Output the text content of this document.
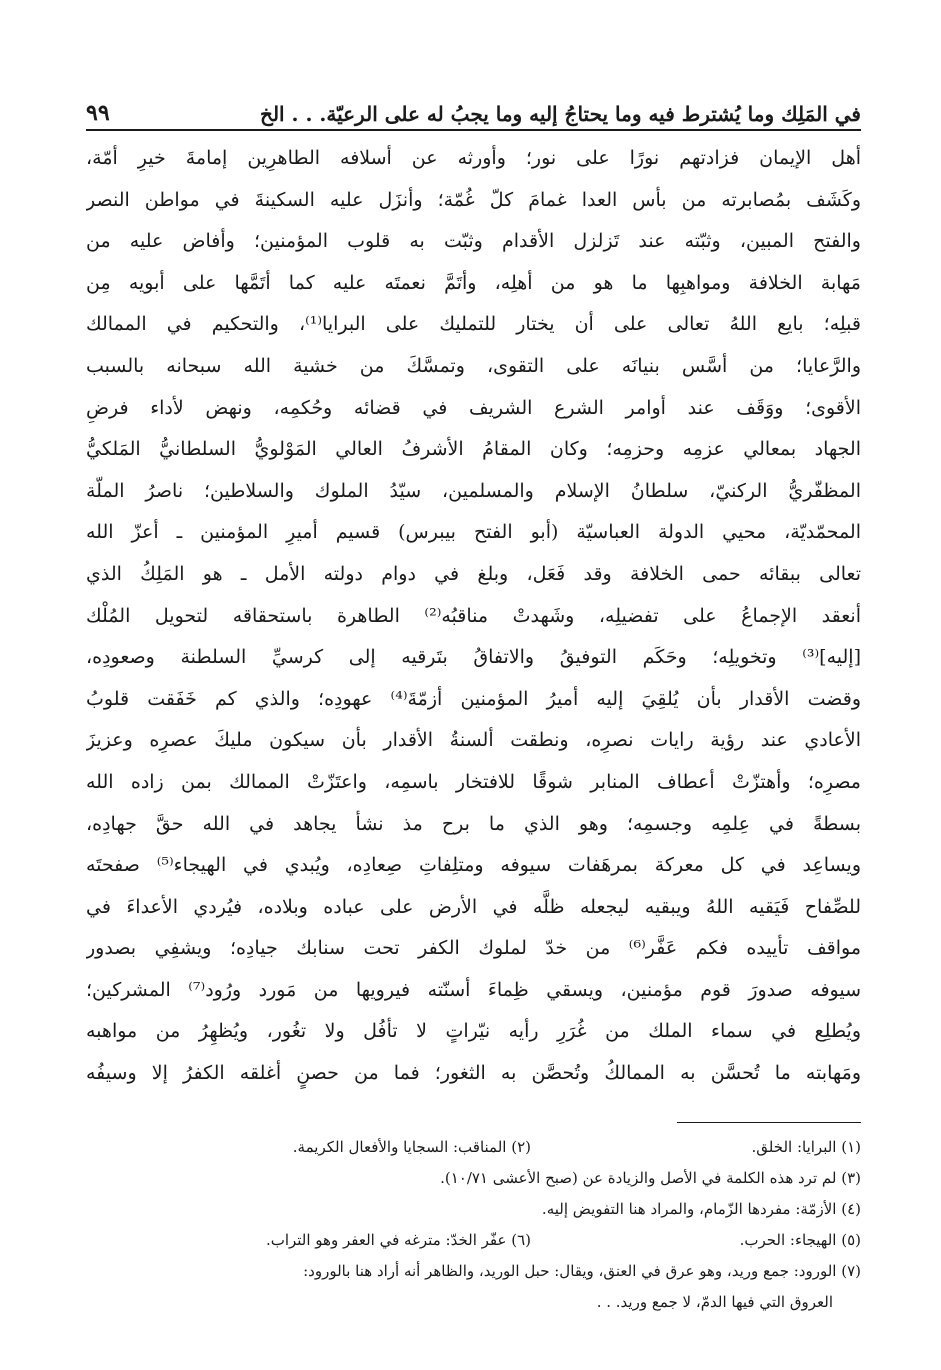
٩٩	في المَلِك وما يُشترط فيه وما يحتاجُ إليه وما يجبُ له على الرعيّة. . . الخ
أهل الإيمان فزادتهم نورًا على نور؛ وأورثه عن أسلافه الطاهرِين إمامةَ خيرِ أمّة،
وكَشَف بمُصابرته من بأس العدا غمامَ كلّ غُمّة؛ وأنزَل عليه السكينةَ في مواطن النصر
والفتح المبين، وثبّته عند تَزلزل الأقدام وثبّت به قلوب المؤمنين؛ وأفاض عليه من
مَهابة الخلافة ومواهبِها ما هو من أهلِه، وأتَمَّ نعمتَه عليه كما أتَمَّها على أبويه مِن
قبلِه؛ بايع اللهُ تعالى على أن يختار للتمليك على البرايا⁽¹⁾، والتحكيم في الممالك
والرَّعايا؛ من أسَّس بنيانَه على التقوى، وتمسَّكَ من خشية الله سبحانه بالسبب
الأقوى؛ ووَقَف عند أوامر الشرع الشريف في قضائه وحُكمِه، ونهض لأداء فرضِ
الجهاد بمعالي عزمِه وحزمِه؛ وكان المقامُ الأشرفُ العالي المَوْلويُّ السلطانيُّ المَلكيُّ
المظفّريُّ الركنيّ، سلطانُ الإسلام والمسلمين، سيّدُ الملوك والسلاطين؛ ناصرُ الملّة
المحمّديّة، محيي الدولة العباسيّة (أبو الفتح بيبرس) قسيم أميرِ المؤمنين ـ أعزّ الله
تعالى ببقائه حمى الخلافة وقد فَعَل، وبلغ في دوام دولته الأمل ـ هو المَلِكُ الذي
أنعقد الإجماعُ على تفضيلِه، وشَهدتْ مناقبُه⁽²⁾ الطاهرة باستحقاقه لتحويل المُلْك
[إليه]⁽³⁾ وتخويلِه؛ وحَكَم التوفيقُ والاتفاقُ بتَرقيه إلى كرسيِّ السلطنة وصعودِه،
وقضت الأقدار بأن يُلقِيَ إليه أميرُ المؤمنين أزمّةَ⁽⁴⁾ عهودِه؛ والذي كم خَفَقت قلوبُ
الأعادي عند رؤية رايات نصرِه، ونطقت ألسنةُ الأقدار بأن سيكون مليكَ عصرِه وعزيزَ
مصرِه؛ وأهتزّتْ أعطاف المنابر شوقًا للافتخار باسمِه، واعتَزّتْ الممالك بمن زاده الله
بسطةً في عِلمِه وجسمِه؛ وهو الذي ما برح مذ نشأ يجاهد في الله حقَّ جهادِه،
ويساعِد في كل معركة بمرهَفات سيوفه ومتلِفاتِ صِعادِه، ويُبدي في الهيجاء⁽⁵⁾ صفحتَه
للصِّفاح فَيَقيه اللهُ ويبقيه ليجعله ظلَّه في الأرض على عباده وبلاده، فيُردي الأعداءَ في
مواقف تأييده فكم عَفَّر⁽⁶⁾ من خدّ لملوك الكفر تحت سنابك جيادِه؛ ويشفِي بصدور
سيوفه صدورَ قوم مؤمنين، ويسقي ظِماءَ أسنّته فيرويها من مَورد ورُود⁽⁷⁾ المشركين؛
ويُطلِع في سماء الملك من غُرَرِ رأيه نيّراتٍ لا تأفُل ولا تغُور، ويُظهِرُ من مواهبه
ومَهابته ما تُحسَّن به الممالكُ وتُحصَّن به الثغور؛ فما من حصنٍ أغلقه الكفرُ إلا وسيفُه
(١) البرايا: الخلق.
(٢) المناقب: السجايا والأفعال الكريمة.
(٣) لم ترد هذه الكلمة في الأصل والزيادة عن (صبح الأعشى ١٠/٧١).
(٤) الأزمّة: مفردها الزّمام، والمراد هنا التفويض إليه.
(٥) الهيجاء: الحرب.
(٦) عفّر الخدّ: مترغه في العفر وهو التراب.
(٧) الورود: جمع وريد، وهو عرق في العنق، ويقال: حبل الوريد، والظاهر أنه أراد هنا بالورود:
العروق التي فيها الدمّ، لا جمع وريد. . .
